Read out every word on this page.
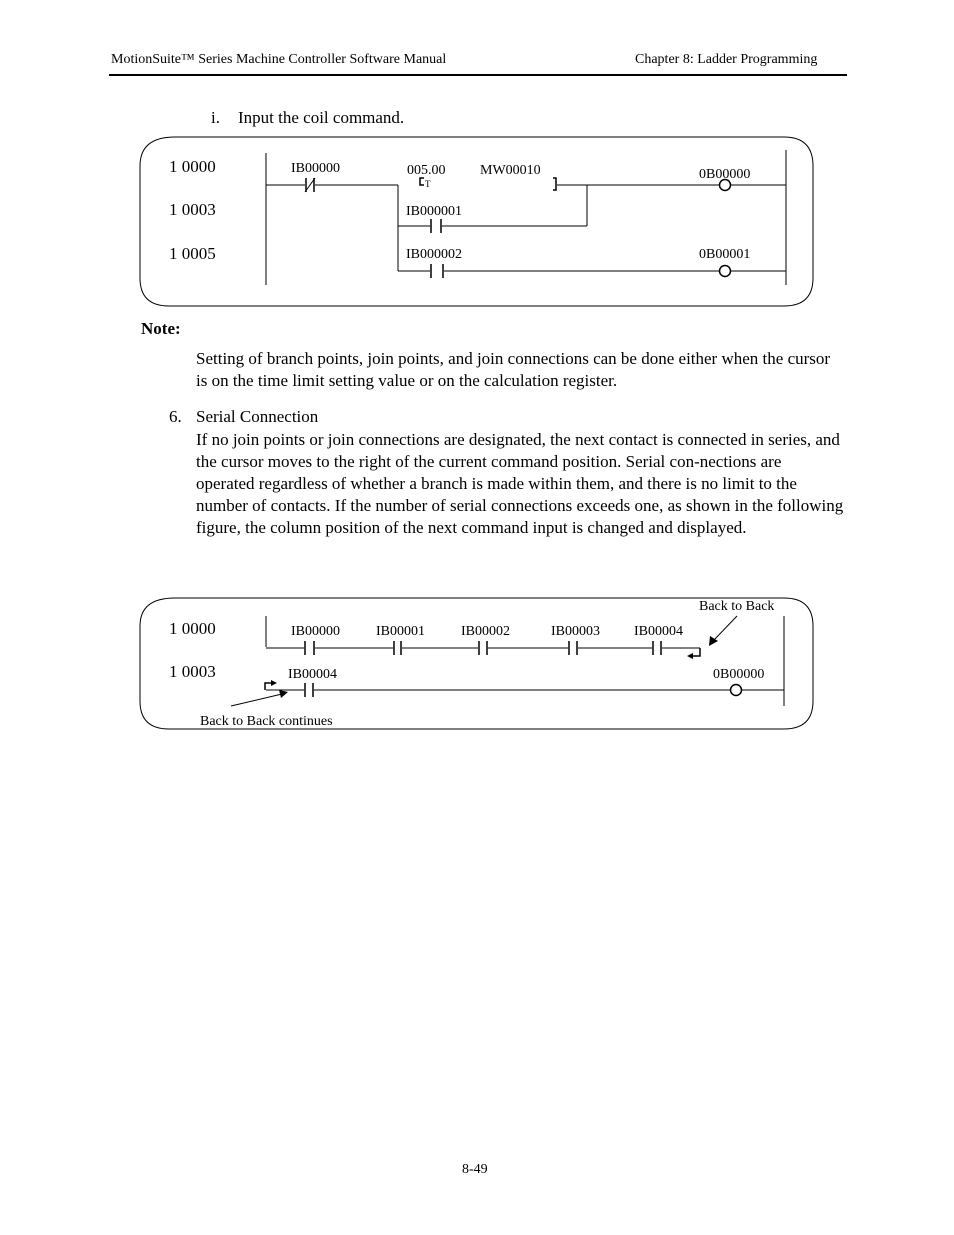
MotionSuite™ Series Machine Controller Software Manual	Chapter 8: Ladder Programming
i. Input the coil command.
1 0000
1 0003
1 0005
IB00000	005.00
T
MW00010	0B00000
IB000001
IB000002	0B00001
Note:
Setting of branch points, join points, and join connections can be done either when the cursor is on the time limit setting value or on the calculation register.
6. Serial Connection
If no join points or join connections are designated, the next contact is connected in series, and the cursor moves to the right of the current command position. Serial con-nections are operated regardless of whether a branch is made within them, and there is no limit to the number of contacts. If the number of serial connections exceeds one, as shown in the following figure, the column position of the next command input is changed and displayed.
1 0000
1 0003
Back to Back
IB00000	IB00001	IB00002	IB00003 IB00004
IB00004	0B00000
Back to Back continues
8-49
